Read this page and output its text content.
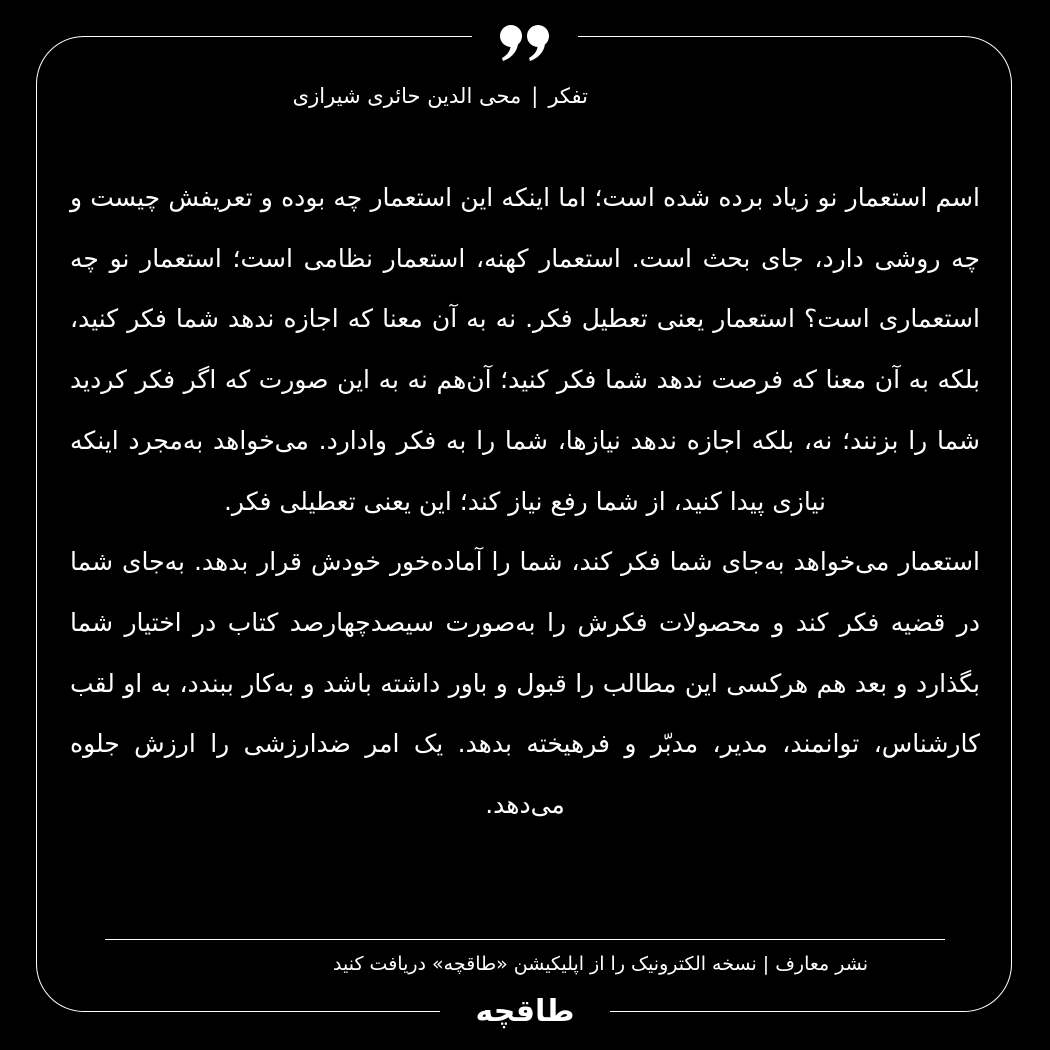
تفکر|محی الدین حائری شیرازی

اسم استعمار نو زیاد برده شده است؛ اما اینکه این استعمار چه بوده و تعریفش چیست و چه روشی دارد، جای بحث است. استعمار کهنه، استعمار نظامی است؛ استعمار نو چه استعماری است؟ استعمار یعنی تعطیل فکر. نه به آن معنا که اجازه ندهد شما فکر کنید، بلکه به آن معنا که فرصت ندهد شما فکر کنید؛ آن‌هم نه به این صورت که اگر فکر کردید شما را بزنند؛ نه، بلکه اجازه ندهد نیازها، شما را به فکر وادارد. می‌خواهد به‌مجرد اینکه نیازی پیدا کنید، از شما رفع نیاز کند؛ این یعنی تعطیلی فکر.

استعمار می‌خواهد به‌جای شما فکر کند، شما را آماده‌خور خودش قرار بدهد. به‌جای شما در قضیه فکر کند و محصولات فکرش را به‌صورت سیصدچهارصد کتاب در اختیار شما بگذارد و بعد هم هرکسی این مطالب را قبول و باور داشته باشد و به‌کار ببندد، به او لقب کارشناس، توانمند، مدیر، مدبّر و فرهیخته بدهد. یک امر ضدارزشی را ارزش جلوه می‌دهد.

نشر معارف | نسخه الکترونیک را از اپلیکیشن «طاقچه» دریافت کنید
طاقچه
